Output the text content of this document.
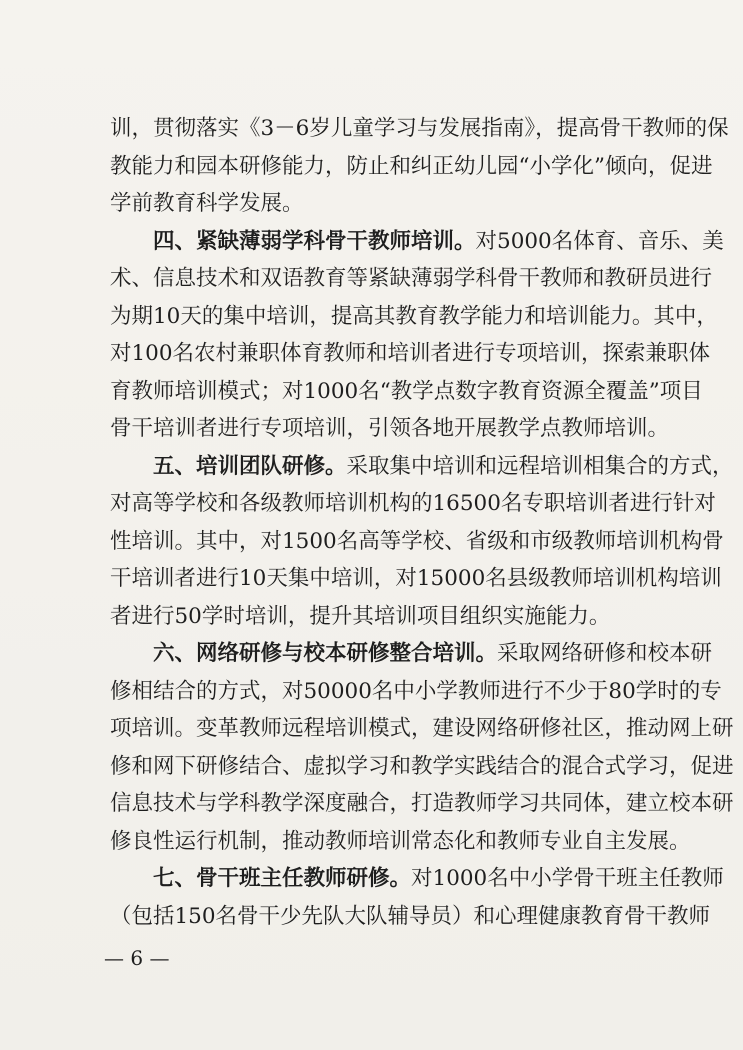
训，贯彻落实《3－6岁儿童学习与发展指南》，提高骨干教师的保
教能力和园本研修能力，防止和纠正幼儿园“小学化”倾向，促进
学前教育科学发展。
四、紧缺薄弱学科骨干教师培训。对5000名体育、音乐、美
术、信息技术和双语教育等紧缺薄弱学科骨干教师和教研员进行
为期10天的集中培训，提高其教育教学能力和培训能力。其中，
对100名农村兼职体育教师和培训者进行专项培训，探索兼职体
育教师培训模式；对1000名“教学点数字教育资源全覆盖”项目
骨干培训者进行专项培训，引领各地开展教学点教师培训。
五、培训团队研修。采取集中培训和远程培训相集合的方式，
对高等学校和各级教师培训机构的16500名专职培训者进行针对
性培训。其中，对1500名高等学校、省级和市级教师培训机构骨
干培训者进行10天集中培训，对15000名县级教师培训机构培训
者进行50学时培训，提升其培训项目组织实施能力。
六、网络研修与校本研修整合培训。采取网络研修和校本研
修相结合的方式，对50000名中小学教师进行不少于80学时的专
项培训。变革教师远程培训模式，建设网络研修社区，推动网上研
修和网下研修结合、虚拟学习和教学实践结合的混合式学习，促进
信息技术与学科教学深度融合，打造教师学习共同体，建立校本研
修良性运行机制，推动教师培训常态化和教师专业自主发展。
七、骨干班主任教师研修。对1000名中小学骨干班主任教师
（包括150名骨干少先队大队辅导员）和心理健康教育骨干教师
— 6 —
